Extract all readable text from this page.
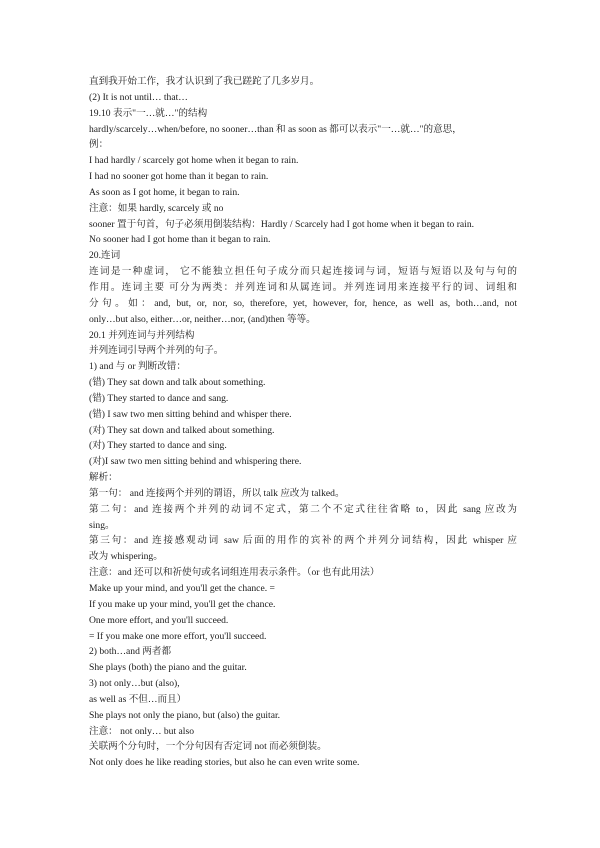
直到我开始工作，我才认识到了我已蹉跎了几多岁月。
(2) It is not until… that…
19.10 表示"一…就…"的结构
hardly/scarcely…when/before, no sooner…than 和 as soon as 都可以表示"一…就…"的意思，
例：
I had hardly / scarcely got home when it began to rain.
I had no sooner got home than it began to rain.
As soon as I got home, it began to rain.
注意：如果 hardly, scarcely 或 no
sooner 置于句首，句子必须用倒装结构：Hardly / Scarcely had I got home when it began to rain.
No sooner had I got home than it began to rain.
20.连词
连词是一种虚词， 它不能独立担任句子成分而只起连接词与词，短语与短语以及句与句的
作用。连词主要 可分为两类：并列连词和从属连词。并列连词用来连接平行的词、词组和
分句。如：and, but, or, nor, so, therefore, yet, however, for, hence, as well as, both…and, not
only…but also, either…or, neither…nor, (and)then 等等。
20.1 并列连词与并列结构
并列连词引导两个并列的句子。
1) and 与 or 判断改错：
(错) They sat down and talk about something.
(错) They started to dance and sang.
(错) I saw two men sitting behind and whisper there.
(对) They sat down and talked about something.
(对) They started to dance and sing.
(对)I saw two men sitting behind and whispering there.
解析：
第一句： and 连接两个并列的谓语，所以 talk 应改为 talked。
第二句：and 连接两个并列的动词不定式，第二个不定式往往省略 to，因此 sang 应改为
sing。
第三句：and 连接感观动词 saw 后面的用作的宾补的两个并列分词结构，因此 whisper 应
改为 whispering。
注意：and 还可以和祈使句或名词组连用表示条件。（or 也有此用法）
Make up your mind, and you'll get the chance. =
If you make up your mind, you'll get the chance.
One more effort, and you'll succeed.
= If you make one more effort, you'll succeed.
2) both…and 两者都
She plays (both) the piano and the guitar.
3) not only…but (also),
as well as 不但…而且）
She plays not only the piano, but (also) the guitar.
注意： not only… but also
关联两个分句时，一个分句因有否定词 not 而必须倒装。
Not only does he like reading stories, but also he can even write some.
